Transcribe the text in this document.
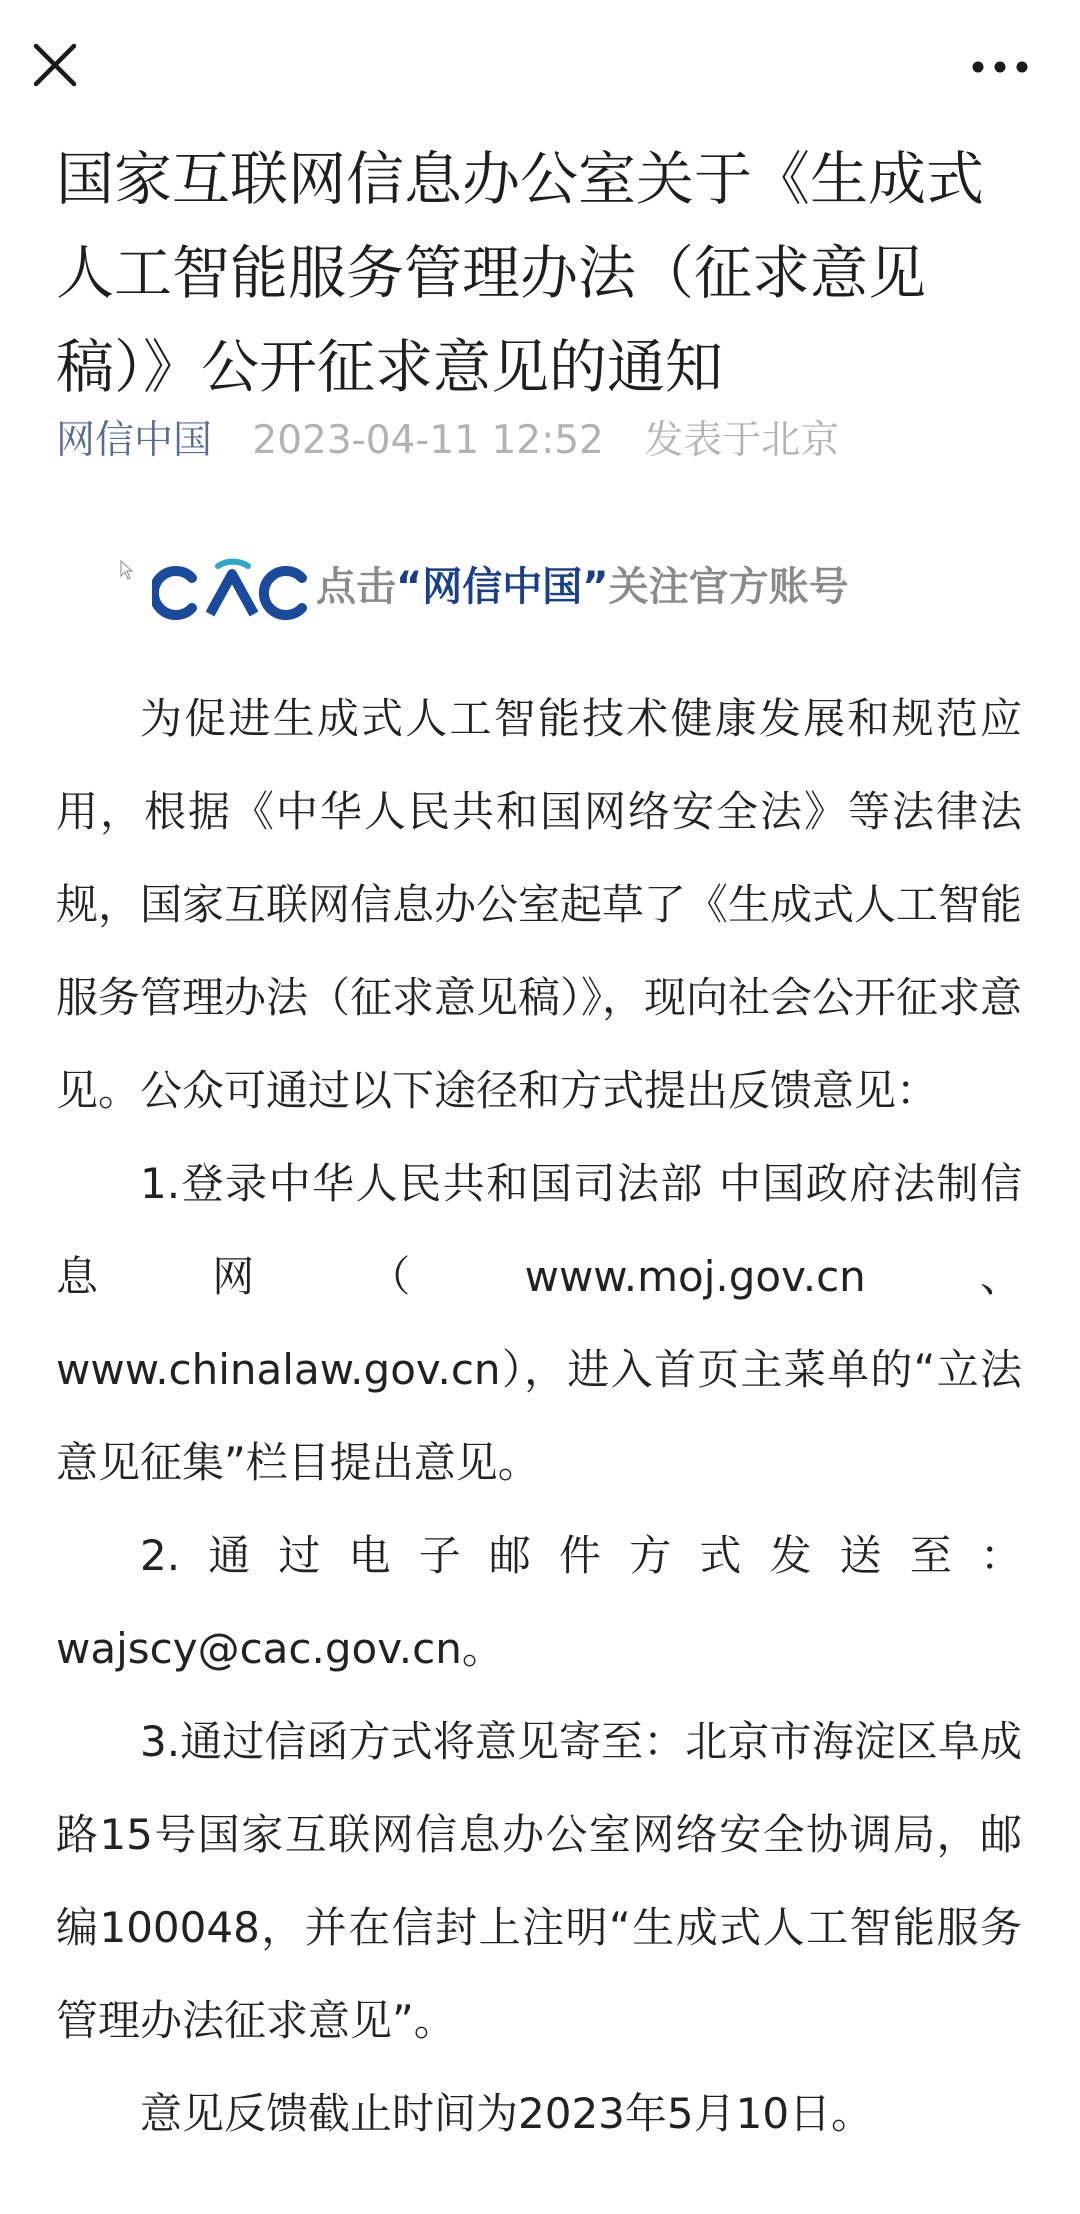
国家互联网信息办公室关于《生成式人工智能服务管理办法（征求意见稿）》公开征求意见的通知
网信中国 2023-04-11 12:52 发表于北京
点击“网信中国”关注官方账号

为促进生成式人工智能技术健康发展和规范应用，根据《中华人民共和国网络安全法》等法律法规，国家互联网信息办公室起草了《生成式人工智能服务管理办法（征求意见稿）》，现向社会公开征求意见。公众可通过以下途径和方式提出反馈意见：

1.登录中华人民共和国司法部 中国政府法制信息网（www.moj.gov.cn、

www.chinalaw.gov.cn），进入首页主菜单的“立法意见征集”栏目提出意见。

2.通过电子邮件方式发送至：

wajscy@cac.gov.cn。

3.通过信函方式将意见寄至：北京市海淀区阜成路15号国家互联网信息办公室网络安全协调局，邮编100048，并在信封上注明“生成式人工智能服务管理办法征求意见”。

意见反馈截止时间为2023年5月10日。
